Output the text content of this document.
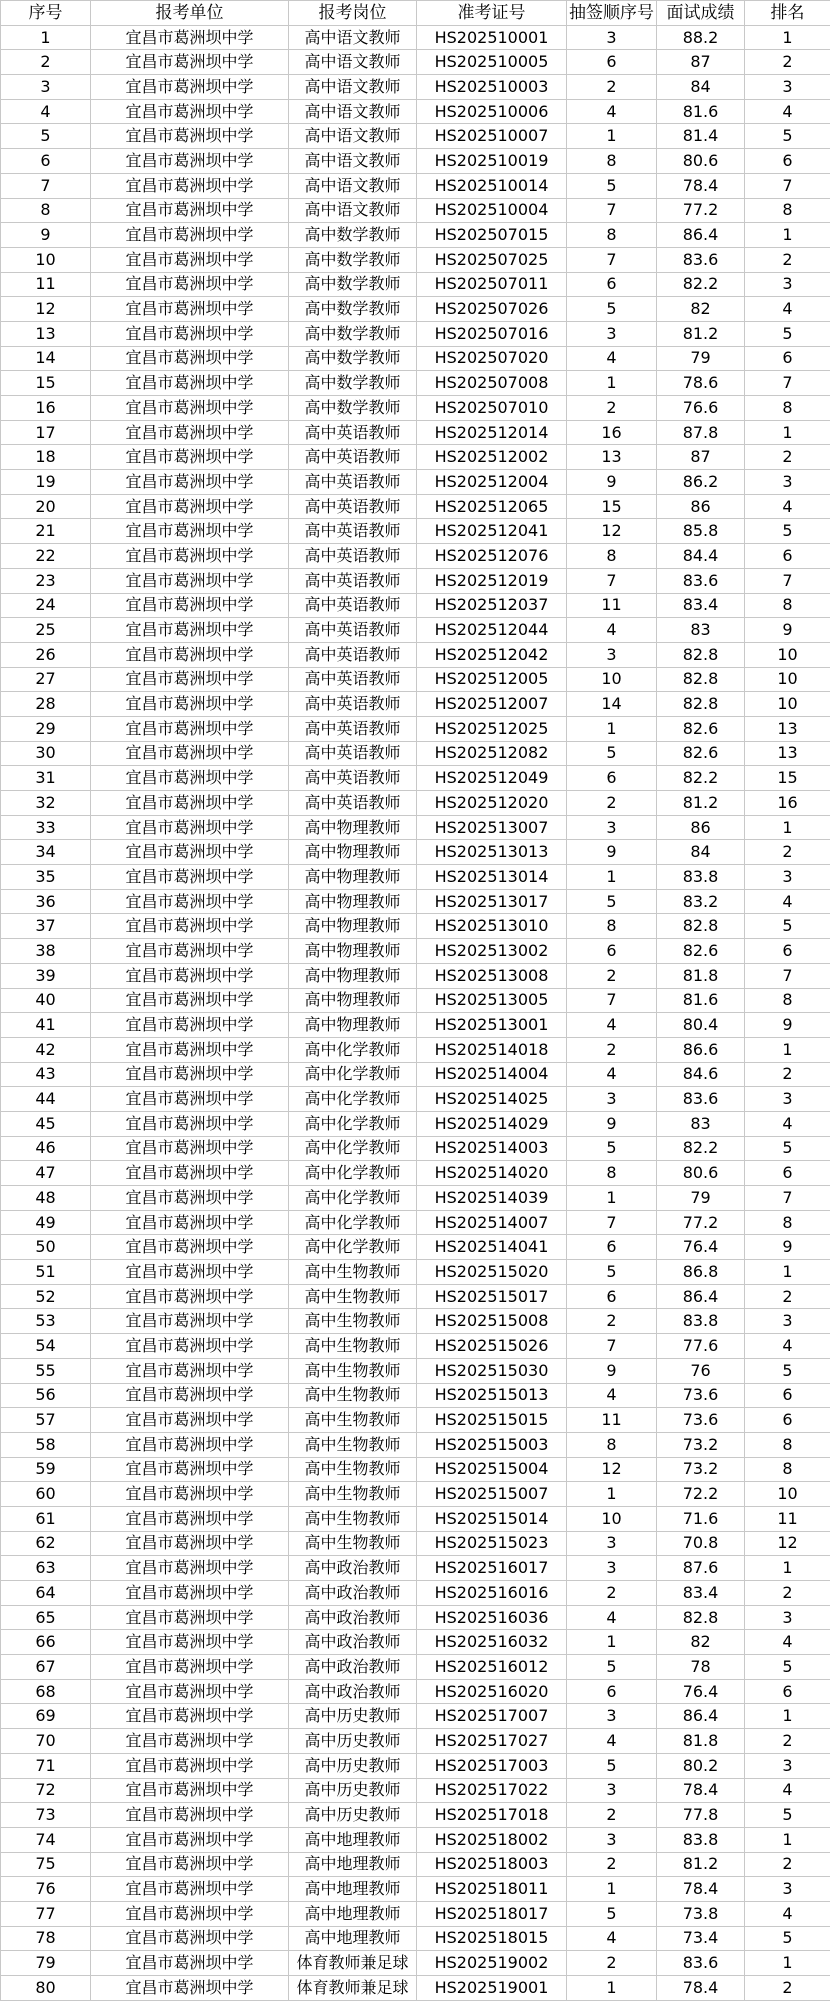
序号	报考单位	报考岗位	准考证号	抽签顺序号	面试成绩	排名
1	宜昌市葛洲坝中学	高中语文教师	HS202510001	3	88.2	1
2	宜昌市葛洲坝中学	高中语文教师	HS202510005	6	87	2
3	宜昌市葛洲坝中学	高中语文教师	HS202510003	2	84	3
4	宜昌市葛洲坝中学	高中语文教师	HS202510006	4	81.6	4
5	宜昌市葛洲坝中学	高中语文教师	HS202510007	1	81.4	5
6	宜昌市葛洲坝中学	高中语文教师	HS202510019	8	80.6	6
7	宜昌市葛洲坝中学	高中语文教师	HS202510014	5	78.4	7
8	宜昌市葛洲坝中学	高中语文教师	HS202510004	7	77.2	8
9	宜昌市葛洲坝中学	高中数学教师	HS202507015	8	86.4	1
10	宜昌市葛洲坝中学	高中数学教师	HS202507025	7	83.6	2
11	宜昌市葛洲坝中学	高中数学教师	HS202507011	6	82.2	3
12	宜昌市葛洲坝中学	高中数学教师	HS202507026	5	82	4
13	宜昌市葛洲坝中学	高中数学教师	HS202507016	3	81.2	5
14	宜昌市葛洲坝中学	高中数学教师	HS202507020	4	79	6
15	宜昌市葛洲坝中学	高中数学教师	HS202507008	1	78.6	7
16	宜昌市葛洲坝中学	高中数学教师	HS202507010	2	76.6	8
17	宜昌市葛洲坝中学	高中英语教师	HS202512014	16	87.8	1
18	宜昌市葛洲坝中学	高中英语教师	HS202512002	13	87	2
19	宜昌市葛洲坝中学	高中英语教师	HS202512004	9	86.2	3
20	宜昌市葛洲坝中学	高中英语教师	HS202512065	15	86	4
21	宜昌市葛洲坝中学	高中英语教师	HS202512041	12	85.8	5
22	宜昌市葛洲坝中学	高中英语教师	HS202512076	8	84.4	6
23	宜昌市葛洲坝中学	高中英语教师	HS202512019	7	83.6	7
24	宜昌市葛洲坝中学	高中英语教师	HS202512037	11	83.4	8
25	宜昌市葛洲坝中学	高中英语教师	HS202512044	4	83	9
26	宜昌市葛洲坝中学	高中英语教师	HS202512042	3	82.8	10
27	宜昌市葛洲坝中学	高中英语教师	HS202512005	10	82.8	10
28	宜昌市葛洲坝中学	高中英语教师	HS202512007	14	82.8	10
29	宜昌市葛洲坝中学	高中英语教师	HS202512025	1	82.6	13
30	宜昌市葛洲坝中学	高中英语教师	HS202512082	5	82.6	13
31	宜昌市葛洲坝中学	高中英语教师	HS202512049	6	82.2	15
32	宜昌市葛洲坝中学	高中英语教师	HS202512020	2	81.2	16
33	宜昌市葛洲坝中学	高中物理教师	HS202513007	3	86	1
34	宜昌市葛洲坝中学	高中物理教师	HS202513013	9	84	2
35	宜昌市葛洲坝中学	高中物理教师	HS202513014	1	83.8	3
36	宜昌市葛洲坝中学	高中物理教师	HS202513017	5	83.2	4
37	宜昌市葛洲坝中学	高中物理教师	HS202513010	8	82.8	5
38	宜昌市葛洲坝中学	高中物理教师	HS202513002	6	82.6	6
39	宜昌市葛洲坝中学	高中物理教师	HS202513008	2	81.8	7
40	宜昌市葛洲坝中学	高中物理教师	HS202513005	7	81.6	8
41	宜昌市葛洲坝中学	高中物理教师	HS202513001	4	80.4	9
42	宜昌市葛洲坝中学	高中化学教师	HS202514018	2	86.6	1
43	宜昌市葛洲坝中学	高中化学教师	HS202514004	4	84.6	2
44	宜昌市葛洲坝中学	高中化学教师	HS202514025	3	83.6	3
45	宜昌市葛洲坝中学	高中化学教师	HS202514029	9	83	4
46	宜昌市葛洲坝中学	高中化学教师	HS202514003	5	82.2	5
47	宜昌市葛洲坝中学	高中化学教师	HS202514020	8	80.6	6
48	宜昌市葛洲坝中学	高中化学教师	HS202514039	1	79	7
49	宜昌市葛洲坝中学	高中化学教师	HS202514007	7	77.2	8
50	宜昌市葛洲坝中学	高中化学教师	HS202514041	6	76.4	9
51	宜昌市葛洲坝中学	高中生物教师	HS202515020	5	86.8	1
52	宜昌市葛洲坝中学	高中生物教师	HS202515017	6	86.4	2
53	宜昌市葛洲坝中学	高中生物教师	HS202515008	2	83.8	3
54	宜昌市葛洲坝中学	高中生物教师	HS202515026	7	77.6	4
55	宜昌市葛洲坝中学	高中生物教师	HS202515030	9	76	5
56	宜昌市葛洲坝中学	高中生物教师	HS202515013	4	73.6	6
57	宜昌市葛洲坝中学	高中生物教师	HS202515015	11	73.6	6
58	宜昌市葛洲坝中学	高中生物教师	HS202515003	8	73.2	8
59	宜昌市葛洲坝中学	高中生物教师	HS202515004	12	73.2	8
60	宜昌市葛洲坝中学	高中生物教师	HS202515007	1	72.2	10
61	宜昌市葛洲坝中学	高中生物教师	HS202515014	10	71.6	11
62	宜昌市葛洲坝中学	高中生物教师	HS202515023	3	70.8	12
63	宜昌市葛洲坝中学	高中政治教师	HS202516017	3	87.6	1
64	宜昌市葛洲坝中学	高中政治教师	HS202516016	2	83.4	2
65	宜昌市葛洲坝中学	高中政治教师	HS202516036	4	82.8	3
66	宜昌市葛洲坝中学	高中政治教师	HS202516032	1	82	4
67	宜昌市葛洲坝中学	高中政治教师	HS202516012	5	78	5
68	宜昌市葛洲坝中学	高中政治教师	HS202516020	6	76.4	6
69	宜昌市葛洲坝中学	高中历史教师	HS202517007	3	86.4	1
70	宜昌市葛洲坝中学	高中历史教师	HS202517027	4	81.8	2
71	宜昌市葛洲坝中学	高中历史教师	HS202517003	5	80.2	3
72	宜昌市葛洲坝中学	高中历史教师	HS202517022	3	78.4	4
73	宜昌市葛洲坝中学	高中历史教师	HS202517018	2	77.8	5
74	宜昌市葛洲坝中学	高中地理教师	HS202518002	3	83.8	1
75	宜昌市葛洲坝中学	高中地理教师	HS202518003	2	81.2	2
76	宜昌市葛洲坝中学	高中地理教师	HS202518011	1	78.4	3
77	宜昌市葛洲坝中学	高中地理教师	HS202518017	5	73.8	4
78	宜昌市葛洲坝中学	高中地理教师	HS202518015	4	73.4	5
79	宜昌市葛洲坝中学	体育教师兼足球	HS202519002	2	83.6	1
80	宜昌市葛洲坝中学	体育教师兼足球	HS202519001	1	78.4	2
